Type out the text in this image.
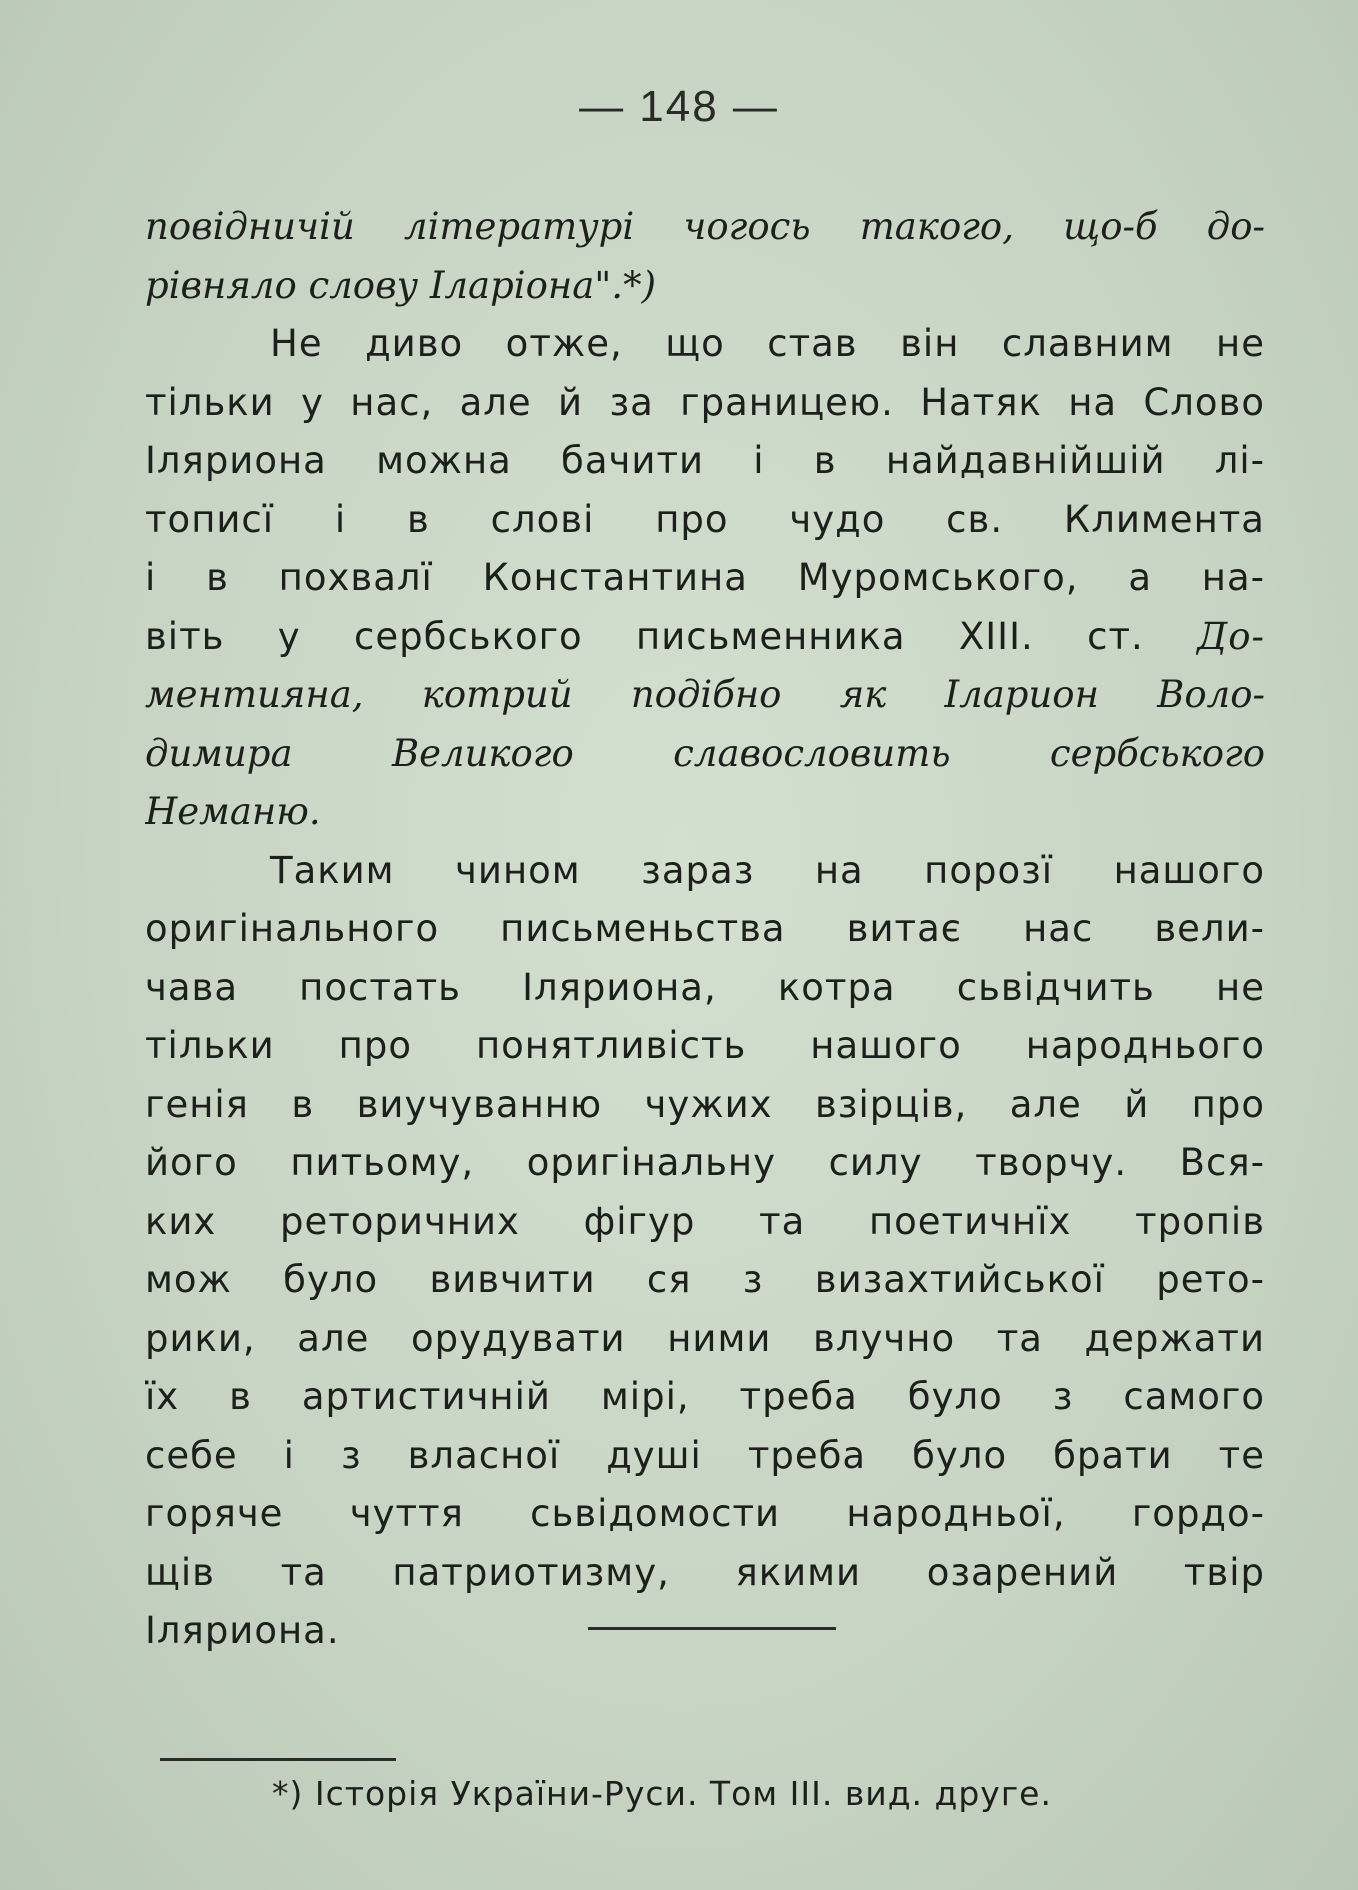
— 148 —
повідничій літературі чогось такого, що-б до-
рівняло слову Іларіона".*)
Не диво отже, що став він славним не
тільки у нас, але й за границею. Натяк на Слово
Іляриона можна бачити і в найдавнійшій лі-
тописї і в слові про чудо св. Климента
і в похвалї Константина Муромського, а на-
віть у сербського письменника XIII. ст. До-
ментияна, котрий подібно як Іларион Воло-
димира Великого славословить сербського
Неманю.
Таким чином зараз на порозї нашого
оригінального письменьства витає нас вели-
чава постать Іляриона, котра сьвідчить не
тільки про понятливість нашого народнього
генія в виучуванню чужих взірців, але й про
його питьому, оригінальну силу творчу. Вся-
ких реторичних фігур та поетичнїх тропів
мож було вивчити ся з визахтийської рето-
рики, але орудувати ними влучно та держати
їх в артистичній мірі, треба було з самого
себе і з власної душі треба було брати те
горяче чуття сьвідомости народньої, гордо-
щів та патриотизму, якими озарений твір
Іляриона.
*) Історія України-Руси. Том III. вид. друге.
